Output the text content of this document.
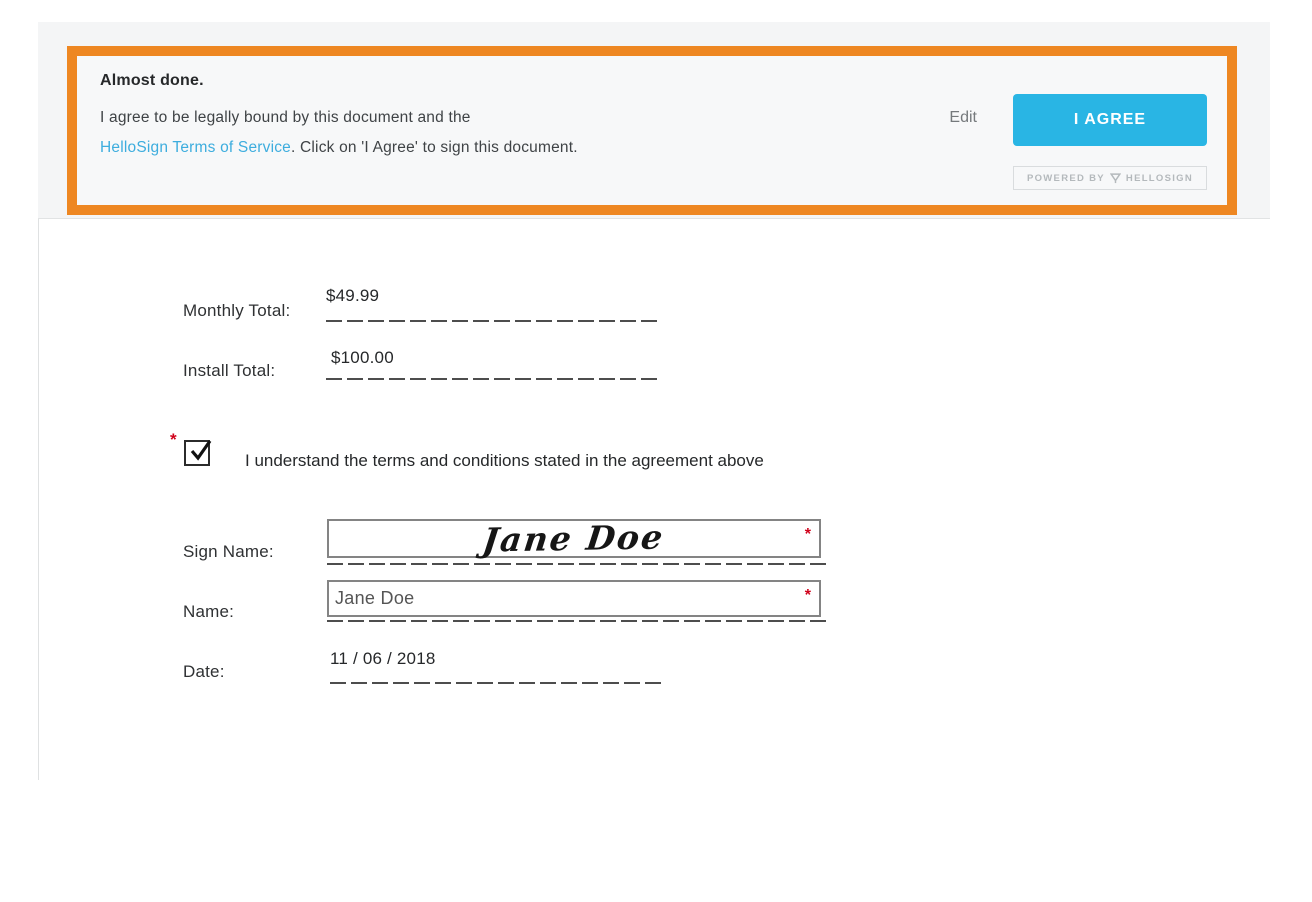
Almost done.
I agree to be legally bound by this document and the
HelloSign Terms of Service. Click on 'I Agree' to sign this document.
Edit	I AGREE
POWERED BY HELLOSIGN
Monthly Total:
$49.99
Install Total:
$100.00
*
I understand the terms and conditions stated in the agreement above
Sign Name:	Jane Doe	*
Name:
Jane Doe	*
Date:
11 / 06 / 2018
